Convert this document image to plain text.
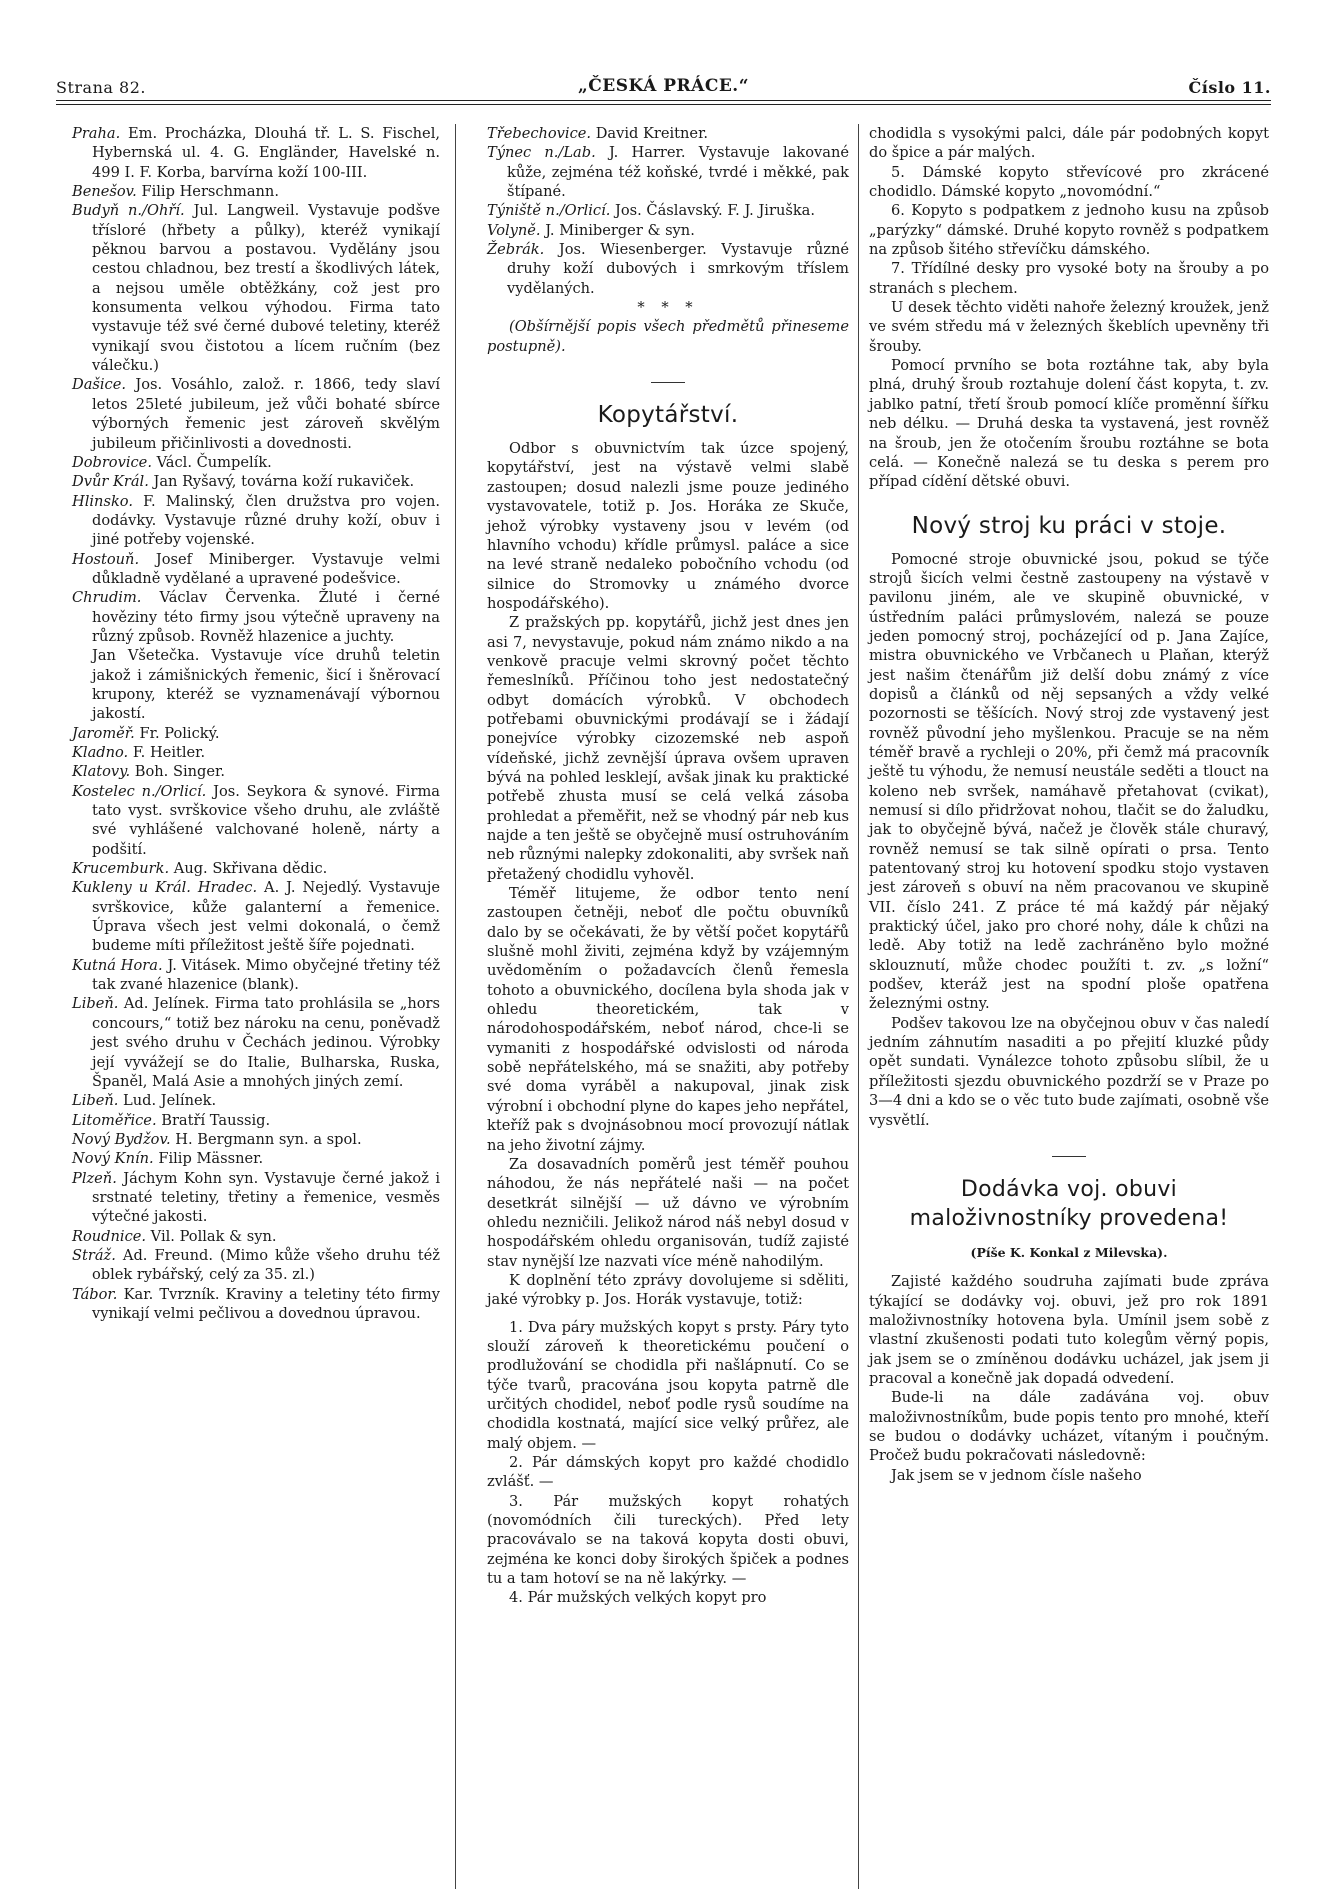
Strana 82.	„ČESKÁ PRÁCE.“	Číslo 11.

Praha. Em. Procházka, Dlouhá tř. L. S. Fischel, Hybernská ul. 4. G. Engländer, Havelské n. 499 I. F. Korba, barvírna koží 100-III.

Benešov. Filip Herschmann.

Budyň n./Ohří. Jul. Langweil. Vystavuje podšve třísloré (hřbety a půlky), kteréž vynikají pěknou barvou a postavou. Vydělány jsou cestou chladnou, bez trestí a škodlivých látek, a nejsou uměle obtěžkány, což jest pro konsumenta velkou výhodou. Firma tato vystavuje též své černé dubové teletiny, kteréž vynikají svou čistotou a lícem ručním (bez válečku.)

Dašice. Jos. Vosáhlo, založ. r. 1866, tedy slaví letos 25leté jubileum, jež vůči bohaté sbírce výborných řemenic jest zároveň skvělým jubileum přičinlivosti a dovednosti.

Dobrovice. Václ. Čumpelík.

Dvůr Král. Jan Ryšavý, továrna koží rukaviček.

Hlinsko. F. Malinský, člen družstva pro vojen. dodávky. Vystavuje různé druhy koží, obuv i jiné potřeby vojenské.

Hostouň. Josef Miniberger. Vystavuje velmi důkladně vydělané a upravené podešvice.

Chrudim. Václav Červenka. Žluté i černé hověziny této firmy jsou výtečně upraveny na různý způsob. Rovněž hlazenice a juchty.

Jan Všetečka. Vystavuje více druhů teletin jakož i zámišnických řemenic, šicí i šněrovací krupony, kteréž se vyznamenávají výbornou jakostí.

Jaroměř. Fr. Polický.

Kladno. F. Heitler.

Klatovy. Boh. Singer.

Kostelec n./Orlicí. Jos. Seykora & synové. Firma tato vyst. svrškovice všeho druhu, ale zvláště své vyhlášené valchované holeně, nárty a podšití.

Krucemburk. Aug. Skřivana dědic.

Kukleny u Král. Hradec. A. J. Nejedlý. Vystavuje svrškovice, kůže galanterní a řemenice. Úprava všech jest velmi dokonalá, o čemž budeme míti příležitost ještě šíře pojednati.

Kutná Hora. J. Vitásek. Mimo obyčejné třetiny též tak zvané hlazenice (blank).

Libeň. Ad. Jelínek. Firma tato prohlásila se „hors concours,“ totiž bez nároku na cenu, poněvadž jest svého druhu v Čechách jedinou. Výrobky její vyvážejí se do Italie, Bulharska, Ruska, Španěl, Malá Asie a mnohých jiných zemí.

Libeň. Lud. Jelínek.

Litoměřice. Bratří Taussig.

Nový Bydžov. H. Bergmann syn. a spol.

Nový Knín. Filip Mässner.

Plzeň. Jáchym Kohn syn. Vystavuje černé jakož i srstnaté teletiny, třetiny a řemenice, vesměs výtečné jakosti.

Roudnice. Vil. Pollak & syn.

Stráž. Ad. Freund. (Mimo kůže všeho druhu též oblek rybářský, celý za 35. zl.)

Tábor. Kar. Tvrzník. Kraviny a teletiny této firmy vynikají velmi pečlivou a dovednou úpravou.

Třebechovice. David Kreitner.

Týnec n./Lab. J. Harrer. Vystavuje lakované kůže, zejména též koňské, tvrdé i měkké, pak štípané.

Týniště n./Orlicí. Jos. Čáslavský. F. J. Jiruška.

Volyně. J. Miniberger & syn.

Žebrák. Jos. Wiesenberger. Vystavuje různé druhy koží dubových i smrkovým tříslem vydělaných.

* * *

(Obšírnější popis všech předmětů přineseme postupně).

Kopytářství.

Odbor s obuvnictvím tak úzce spojený, kopytářství, jest na výstavě velmi slabě zastoupen; dosud nalezli jsme pouze jediného vystavovatele, totiž p. Jos. Horáka ze Skuče, jehož výrobky vystaveny jsou v levém (od hlavního vchodu) křídle průmysl. paláce a sice na levé straně nedaleko pobočního vchodu (od silnice do Stromovky u známého dvorce hospodářského).

Z pražských pp. kopytářů, jichž jest dnes jen asi 7, nevystavuje, pokud nám známo nikdo a na venkově pracuje velmi skrovný počet těchto řemeslníků. Příčinou toho jest nedostatečný odbyt domácích výrobků. V obchodech potřebami obuvnickými prodávají se i žádají ponejvíce výrobky cizozemské neb aspoň vídeňské, jichž zevnější úprava ovšem upraven bývá na pohled lesklejí, avšak jinak ku praktické potřebě zhusta musí se celá velká zásoba prohledat a přeměřit, než se vhodný pár neb kus najde a ten ještě se obyčejně musí ostruhováním neb různými nalepky zdokonaliti, aby svršek naň přetažený chodidlu vyhověl.

Téměř litujeme, že odbor tento není zastoupen četněji, neboť dle počtu obuvníků dalo by se očekávati, že by větší počet kopytářů slušně mohl živiti, zejména když by vzájemným uvědoměním o požadavcích členů řemesla tohoto a obuvnického, docílena byla shoda jak v ohledu theoretickém, tak v národohospodářském, neboť národ, chce-li se vymaniti z hospodářské odvislosti od národa sobě nepřátelského, má se snažiti, aby potřeby své doma vyráběl a nakupoval, jinak zisk výrobní i obchodní plyne do kapes jeho nepřátel, kteříž pak s dvojnásobnou mocí provozují nátlak na jeho životní zájmy.

Za dosavadních poměrů jest téměř pouhou náhodou, že nás nepřátelé naši — na počet desetkrát silnější — už dávno ve výrobním ohledu nezničili. Jelikož národ náš nebyl dosud v hospodářském ohledu organisován, tudíž zajisté stav nynější lze nazvati více méně nahodilým.

K doplnění této zprávy dovolujeme si sděliti, jaké výrobky p. Jos. Horák vystavuje, totiž:

1. Dva páry mužských kopyt s prsty. Páry tyto slouží zároveň k theoretickému poučení o prodlužování se chodidla při našlápnutí. Co se týče tvarů, pracována jsou kopyta patrně dle určitých chodidel, neboť podle rysů soudíme na chodidla kostnatá, mající sice velký průřez, ale malý objem. —

2. Pár dámských kopyt pro každé chodidlo zvlášť. —

3. Pár mužských kopyt rohatých (novomódních čili tureckých). Před lety pracovávalo se na taková kopyta dosti obuvi, zejména ke konci doby širokých špiček a podnes tu a tam hotoví se na ně lakýrky. —

4. Pár mužských velkých kopyt pro

chodidla s vysokými palci, dále pár podobných kopyt do špice a pár malých.

5. Dámské kopyto střevícové pro zkrácené chodidlo. Dámské kopyto „novomódní.“

6. Kopyto s podpatkem z jednoho kusu na způsob „parýzky“ dámské. Druhé kopyto rovněž s podpatkem na způsob šitého střevíčku dámského.

7. Třídílné desky pro vysoké boty na šrouby a po stranách s plechem.

U desek těchto viděti nahoře železný kroužek, jenž ve svém středu má v železných škeblích upevněny tři šrouby.

Pomocí prvního se bota roztáhne tak, aby byla plná, druhý šroub roztahuje dolení část kopyta, t. zv. jablko patní, třetí šroub pomocí klíče proměnní šířku neb délku. — Druhá deska ta vystavená, jest rovněž na šroub, jen že otočením šroubu roztáhne se bota celá. — Konečně nalezá se tu deska s perem pro případ cídění dětské obuvi.

Nový stroj ku práci v stoje.

Pomocné stroje obuvnické jsou, pokud se týče strojů šicích velmi čestně zastoupeny na výstavě v pavilonu jiném, ale ve skupině obuvnické, v ústředním paláci průmyslovém, nalezá se pouze jeden pomocný stroj, pocházející od p. Jana Zajíce, mistra obuvnického ve Vrbčanech u Plaňan, kterýž jest našim čtenářům již delší dobu známý z více dopisů a článků od něj sepsaných a vždy velké pozornosti se těšících. Nový stroj zde vystavený jest rovněž původní jeho myšlenkou. Pracuje se na něm téměř bravě a rychleji o 20%, při čemž má pracovník ještě tu výhodu, že nemusí neustále seděti a tlouct na koleno neb svršek, namáhavě přetahovat (cvikat), nemusí si dílo přidržovat nohou, tlačit se do žaludku, jak to obyčejně bývá, načež je člověk stále churavý, rovněž nemusí se tak silně opírati o prsa. Tento patentovaný stroj ku hotovení spodku stojo vystaven jest zároveň s obuví na něm pracovanou ve skupině VII. číslo 241. Z práce té má každý pár nějaký praktický účel, jako pro choré nohy, dále k chůzi na ledě. Aby totiž na ledě zachráněno bylo možné sklouznutí, může chodec použíti t. zv. „s ložní“ podšev, kteráž jest na spodní ploše opatřena železnými ostny.

Podšev takovou lze na obyčejnou obuv v čas naledí jedním záhnutím nasaditi a po přejití kluzké půdy opět sundati. Vynálezce tohoto způsobu slíbil, že u příležitosti sjezdu obuvnického pozdrží se v Praze po 3—4 dni a kdo se o věc tuto bude zajímati, osobně vše vysvětlí.

Dodávka voj. obuvi maloživnostníky provedena!

(Píše K. Konkal z Milevska).

Zajisté každého soudruha zajímati bude zpráva týkající se dodávky voj. obuvi, jež pro rok 1891 maloživnostníky hotovena byla. Umínil jsem sobě z vlastní zkušenosti podati tuto kolegům věrný popis, jak jsem se o zmíněnou dodávku ucházel, jak jsem ji pracoval a konečně jak dopadá odvedení.

Bude-li na dále zadávána voj. obuv maloživnostníkům, bude popis tento pro mnohé, kteří se budou o dodávky ucházet, vítaným i poučným. Pročež budu pokračovati následovně:

Jak jsem se v jednom čísle našeho
